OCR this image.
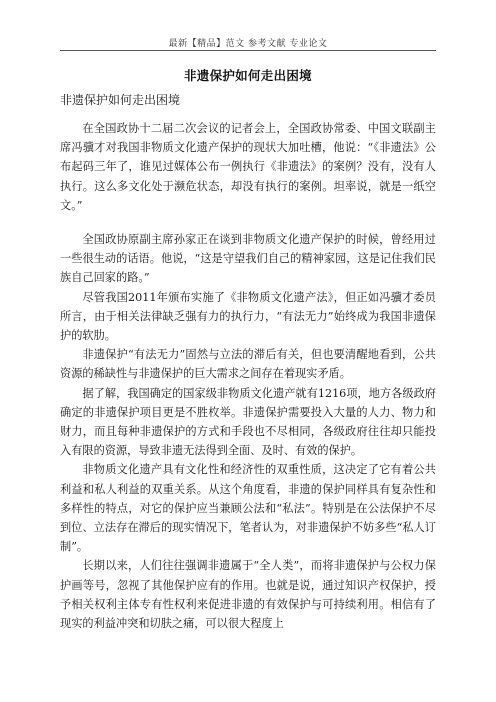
最新【精品】范文 参考文献 专业论文
非遗保护如何走出困境
非遗保护如何走出困境

在全国政协十二届二次会议的记者会上，全国政协常委、中国文联副主席冯骥才对我国非物质文化遗产保护的现状大加吐槽，他说：“《非遗法》公布起码三年了，谁见过媒体公布一例执行《非遗法》的案例？没有，没有人执行。这么多文化处于濒危状态，却没有执行的案例。坦率说，就是一纸空文。”

全国政协原副主席孙家正在谈到非物质文化遗产保护的时候，曾经用过一些很生动的话语。他说，“这是守望我们自己的精神家园，这是记住我们民族自己回家的路。”

尽管我国2011年颁布实施了《非物质文化遗产法》，但正如冯骥才委员所言，由于相关法律缺乏强有力的执行力，“有法无力”始终成为我国非遗保护的软肋。

非遗保护“有法无力”固然与立法的滞后有关，但也要清醒地看到，公共资源的稀缺性与非遗保护的巨大需求之间存在着现实矛盾。

据了解，我国确定的国家级非物质文化遗产就有1216项，地方各级政府确定的非遗保护项目更是不胜枚举。非遗保护需要投入大量的人力、物力和财力，而且每种非遗保护的方式和手段也不尽相同，各级政府往往却只能投入有限的资源，导致非遗无法得到全面、及时、有效的保护。

非物质文化遗产具有文化性和经济性的双重性质，这决定了它有着公共利益和私人利益的双重关系。从这个角度看，非遗的保护同样具有复杂性和多样性的特点，对它的保护应当兼顾公法和“私法”。特别是在公法保护不尽到位、立法存在滞后的现实情况下，笔者认为，对非遗保护不妨多些“私人订制”。

长期以来，人们往往强调非遗属于“全人类”，而将非遗保护与公权力保护画等号，忽视了其他保护应有的作用。也就是说，通过知识产权保护，授予相关权利主体专有性权利来促进非遗的有效保护与可持续利用。相信有了现实的利益冲突和切肤之痛，可以很大程度上
